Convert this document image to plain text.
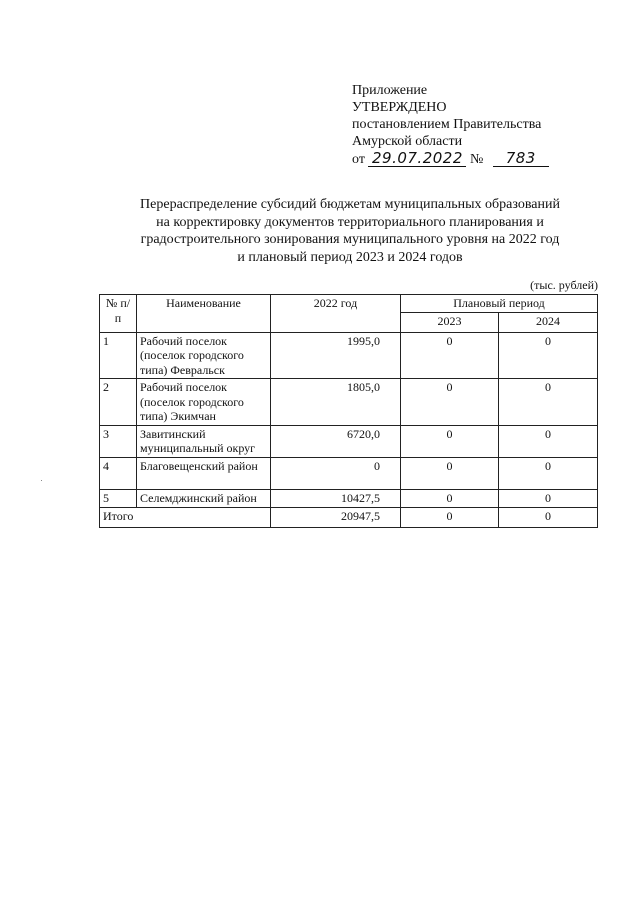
Приложение
УТВЕРЖДЕНО
постановлением Правительства
Амурской области
от 29.07.2022 № 783
Перераспределение субсидий бюджетам муниципальных образований
на корректировку документов территориального планирования и
градостроительного зонирования муниципального уровня на 2022 год
и плановый период 2023 и 2024 годов
(тыс. рублей)
№ п/п	Наименование	2022 год	Плановый период	
			2023	2024
1	Рабочий поселок (поселок городского типа) Февральск	1995,0	0	0
2	Рабочий поселок (поселок городского типа) Экимчан	1805,0	0	0
3	Завитинский муниципальный округ	6720,0	0	0
4	Благовещенский район	0	0	0
5	Селемджинский район	10427,5	0	0
Итого		20947,5	0	0
